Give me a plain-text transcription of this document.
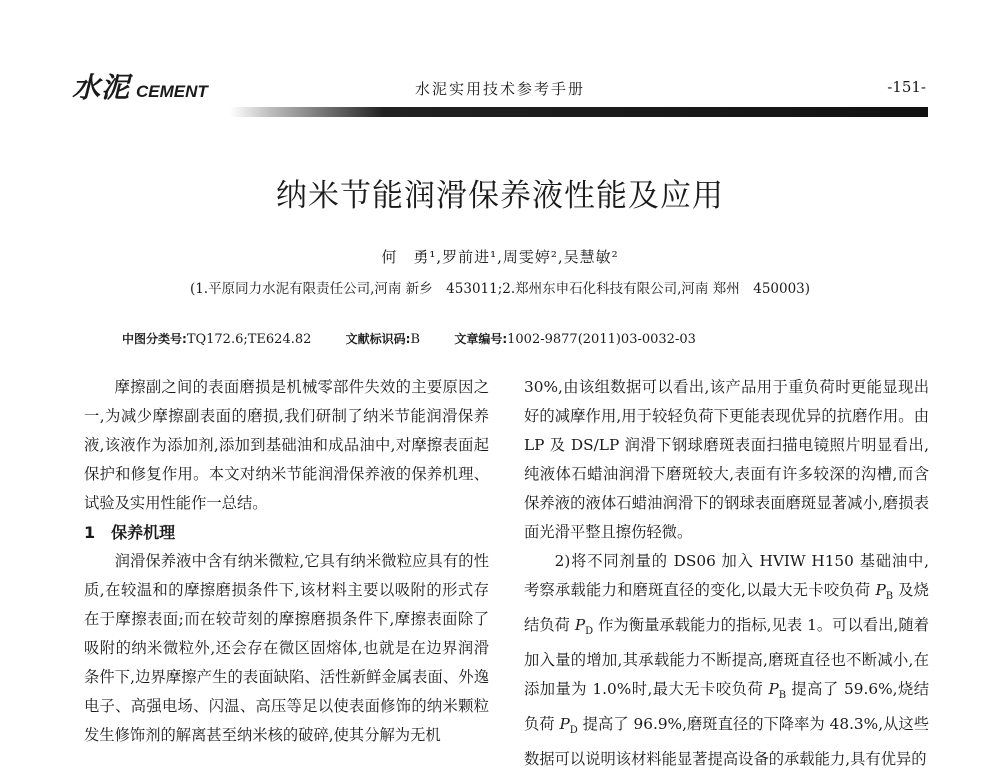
水泥 CEMENT	水泥实用技术参考手册	-151-
纳米节能润滑保养液性能及应用
何　勇¹,罗前进¹,周雯婷²,吴慧敏²
(1.平原同力水泥有限责任公司,河南 新乡　453011;2.郑州东申石化科技有限公司,河南 郑州　450003)
中图分类号:TQ172.6;TE624.82	文献标识码:B	文章编号:1002-9877(2011)03-0032-03

摩擦副之间的表面磨损是机械零部件失效的主要原因之一,为减少摩擦副表面的磨损,我们研制了纳米节能润滑保养液,该液作为添加剂,添加到基础油和成品油中,对摩擦表面起保护和修复作用。本文对纳米节能润滑保养液的保养机理、试验及实用性能作一总结。

1　保养机理

润滑保养液中含有纳米微粒,它具有纳米微粒应具有的性质,在较温和的摩擦磨损条件下,该材料主要以吸附的形式存在于摩擦表面;而在较苛刻的摩擦磨损条件下,摩擦表面除了吸附的纳米微粒外,还会存在微区固熔体,也就是在边界润滑条件下,边界摩擦产生的表面缺陷、活性新鲜金属表面、外逸电子、高强电场、闪温、高压等足以使表面修饰的纳米颗粒发生修饰剂的解离甚至纳米核的破碎,使其分解为无机

30%,由该组数据可以看出,该产品用于重负荷时更能显现出好的减摩作用,用于较轻负荷下更能表现优异的抗磨作用。由 LP 及 DS/LP 润滑下钢球磨斑表面扫描电镜照片明显看出,纯液体石蜡油润滑下磨斑较大,表面有许多较深的沟槽,而含保养液的液体石蜡油润滑下的钢球表面磨斑显著减小,磨损表面光滑平整且擦伤轻微。

2)将不同剂量的 DS06 加入 HVIW H150 基础油中,考察承载能力和磨斑直径的变化,以最大无卡咬负荷 $P_B$ 及烧结负荷 $P_D$ 作为衡量承载能力的指标,见表 1。可以看出,随着加入量的增加,其承载能力不断提高,磨斑直径也不断减小,在添加量为 1.0%时,最大无卡咬负荷 $P_B$ 提高了 59.6%,烧结负荷 $P_D$ 提高了 96.9%,磨斑直径的下降率为 48.3%,从这些数据可以说明该材料能显著提高设备的承载能力,具有优异的
